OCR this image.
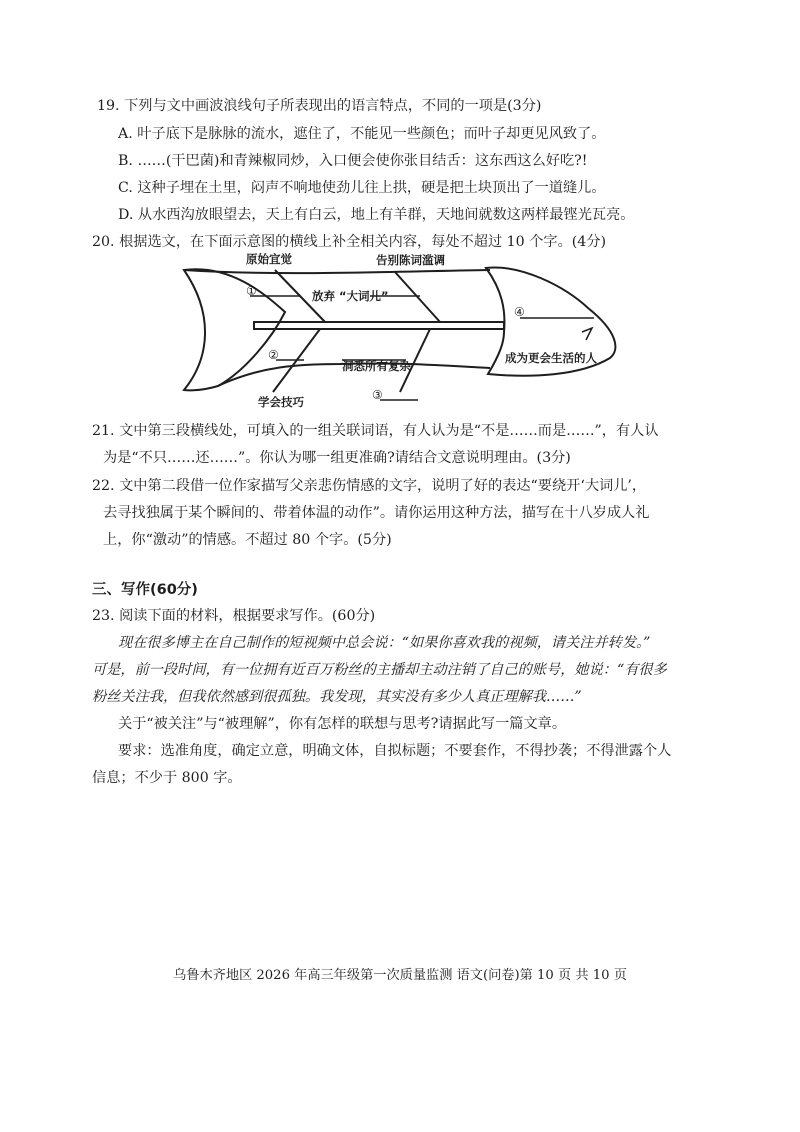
19. 下列与文中画波浪线句子所表现出的语言特点，不同的一项是(3分)
A. 叶子底下是脉脉的流水，遮住了，不能见一些颜色；而叶子却更见风致了。
B. ……(干巴菌)和青辣椒同炒，入口便会使你张目结舌：这东西这么好吃?!
C. 这种子埋在土里，闷声不响地使劲儿往上拱，硬是把土块顶出了一道缝儿。
D. 从水西沟放眼望去，天上有白云，地上有羊群，天地间就数这两样最铿光瓦亮。
20. 根据选文，在下面示意图的横线上补全相关内容，每处不超过 10 个字。(4分)
原始宜觉	告别陈词滥调
放弃 “大词儿”
洞悉所有复杂
学会技巧
成为更会生活的人
①
②
③
④
21. 文中第三段横线处，可填入的一组关联词语，有人认为是“不是……而是……”，有人认
为是“不只……还……”。你认为哪一组更准确?请结合文意说明理由。(3分)
22. 文中第二段借一位作家描写父亲悲伤情感的文字，说明了好的表达“要绕开‘大词儿’，
去寻找独属于某个瞬间的、带着体温的动作”。请你运用这种方法，描写在十八岁成人礼
上，你“激动”的情感。不超过 80 个字。(5分)
三、写作(60分)
23. 阅读下面的材料，根据要求写作。(60分)
现在很多博主在自己制作的短视频中总会说：“如果你喜欢我的视频，请关注并转发。”
可是，前一段时间，有一位拥有近百万粉丝的主播却主动注销了自己的账号，她说：“有很多
粉丝关注我，但我依然感到很孤独。我发现，其实没有多少人真正理解我……”
关于“被关注”与“被理解”，你有怎样的联想与思考?请据此写一篇文章。
要求：选准角度，确定立意，明确文体，自拟标题；不要套作，不得抄袭；不得泄露个人
信息；不少于 800 字。
乌鲁木齐地区 2026 年高三年级第一次质量监测 语文(问卷)第 10 页 共 10 页
